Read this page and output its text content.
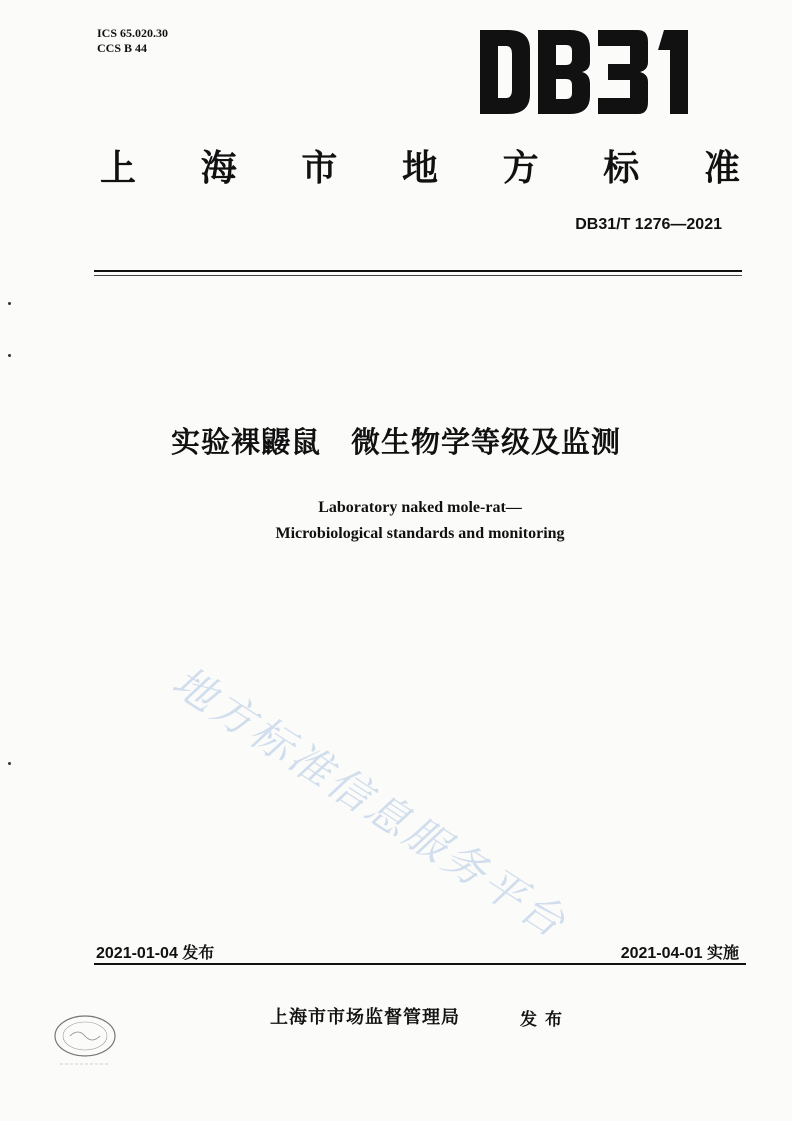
ICS 65.020.30
CCS B 44
上 海 市 地 方 标 准
DB31/T 1276—2021
实验裸鼹鼠　微生物学等级及监测
Laboratory naked mole-rat—
Microbiological standards and monitoring
地方标准信息服务平台
2021-01-04 发布	2021-04-01 实施
上海市市场监督管理局	发布
